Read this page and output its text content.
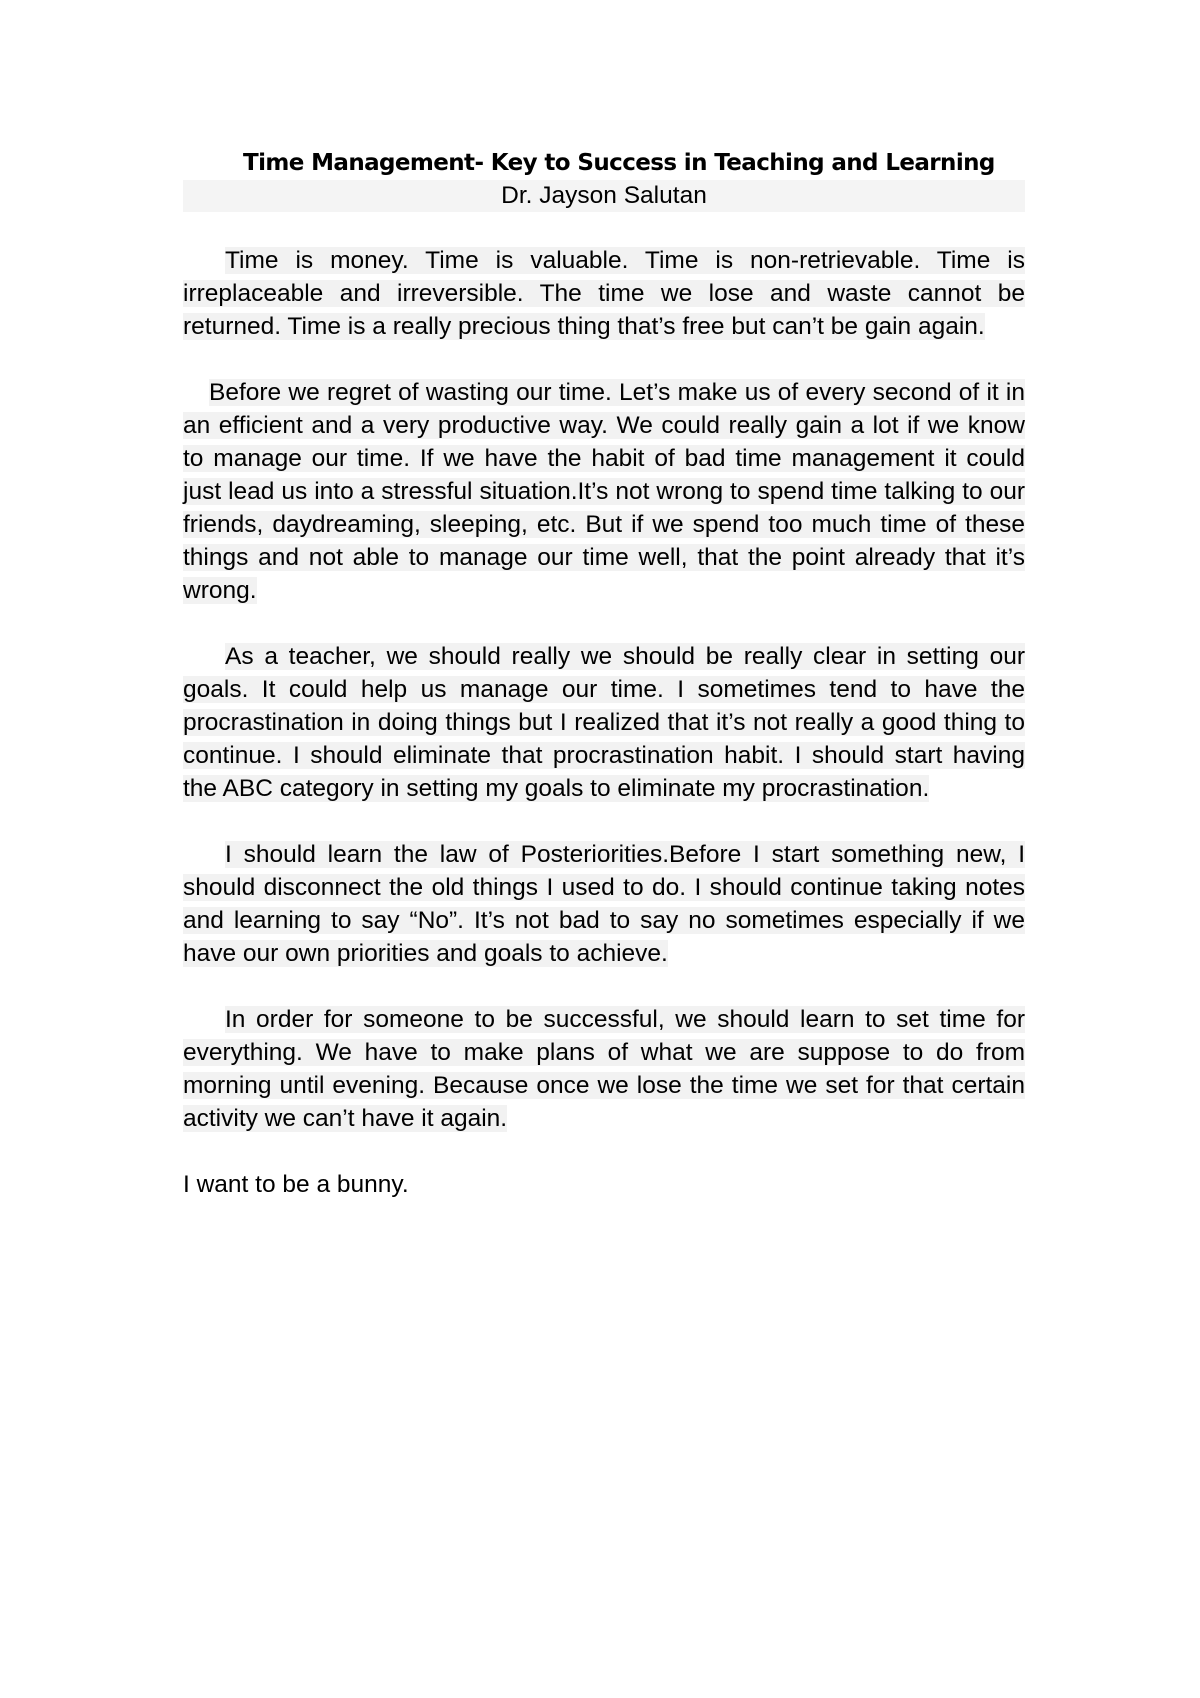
Time Management- Key to Success in Teaching and Learning

Dr. Jayson Salutan

Time is money. Time is valuable. Time is non-retrievable. Time is irreplaceable and irreversible. The time we lose and waste cannot be returned. Time is a really precious thing that’s free but can’t be gain again.

Before we regret of wasting our time. Let’s make us of every second of it in an efficient and a very productive way. We could really gain a lot if we know to manage our time. If we have the habit of bad time management it could just lead us into a stressful situation.It’s not wrong to spend time talking to our friends, daydreaming, sleeping, etc. But if we spend too much time of these things and not able to manage our time well, that the point already that it’s wrong.

As a teacher, we should really we should be really clear in setting our goals. It could help us manage our time. I sometimes tend to have the procrastination in doing things but I realized that it’s not really a good thing to continue. I should eliminate that procrastination habit. I should start having the ABC category in setting my goals to eliminate my procrastination.

I should learn the law of Posteriorities.Before I start something new, I should disconnect the old things I used to do. I should continue taking notes and learning to say “No”. It’s not bad to say no sometimes especially if we have our own priorities and goals to achieve.

In order for someone to be successful, we should learn to set time for everything. We have to make plans of what we are suppose to do from morning until evening. Because once we lose the time we set for that certain activity we can’t have it again.

I want to be a bunny.
